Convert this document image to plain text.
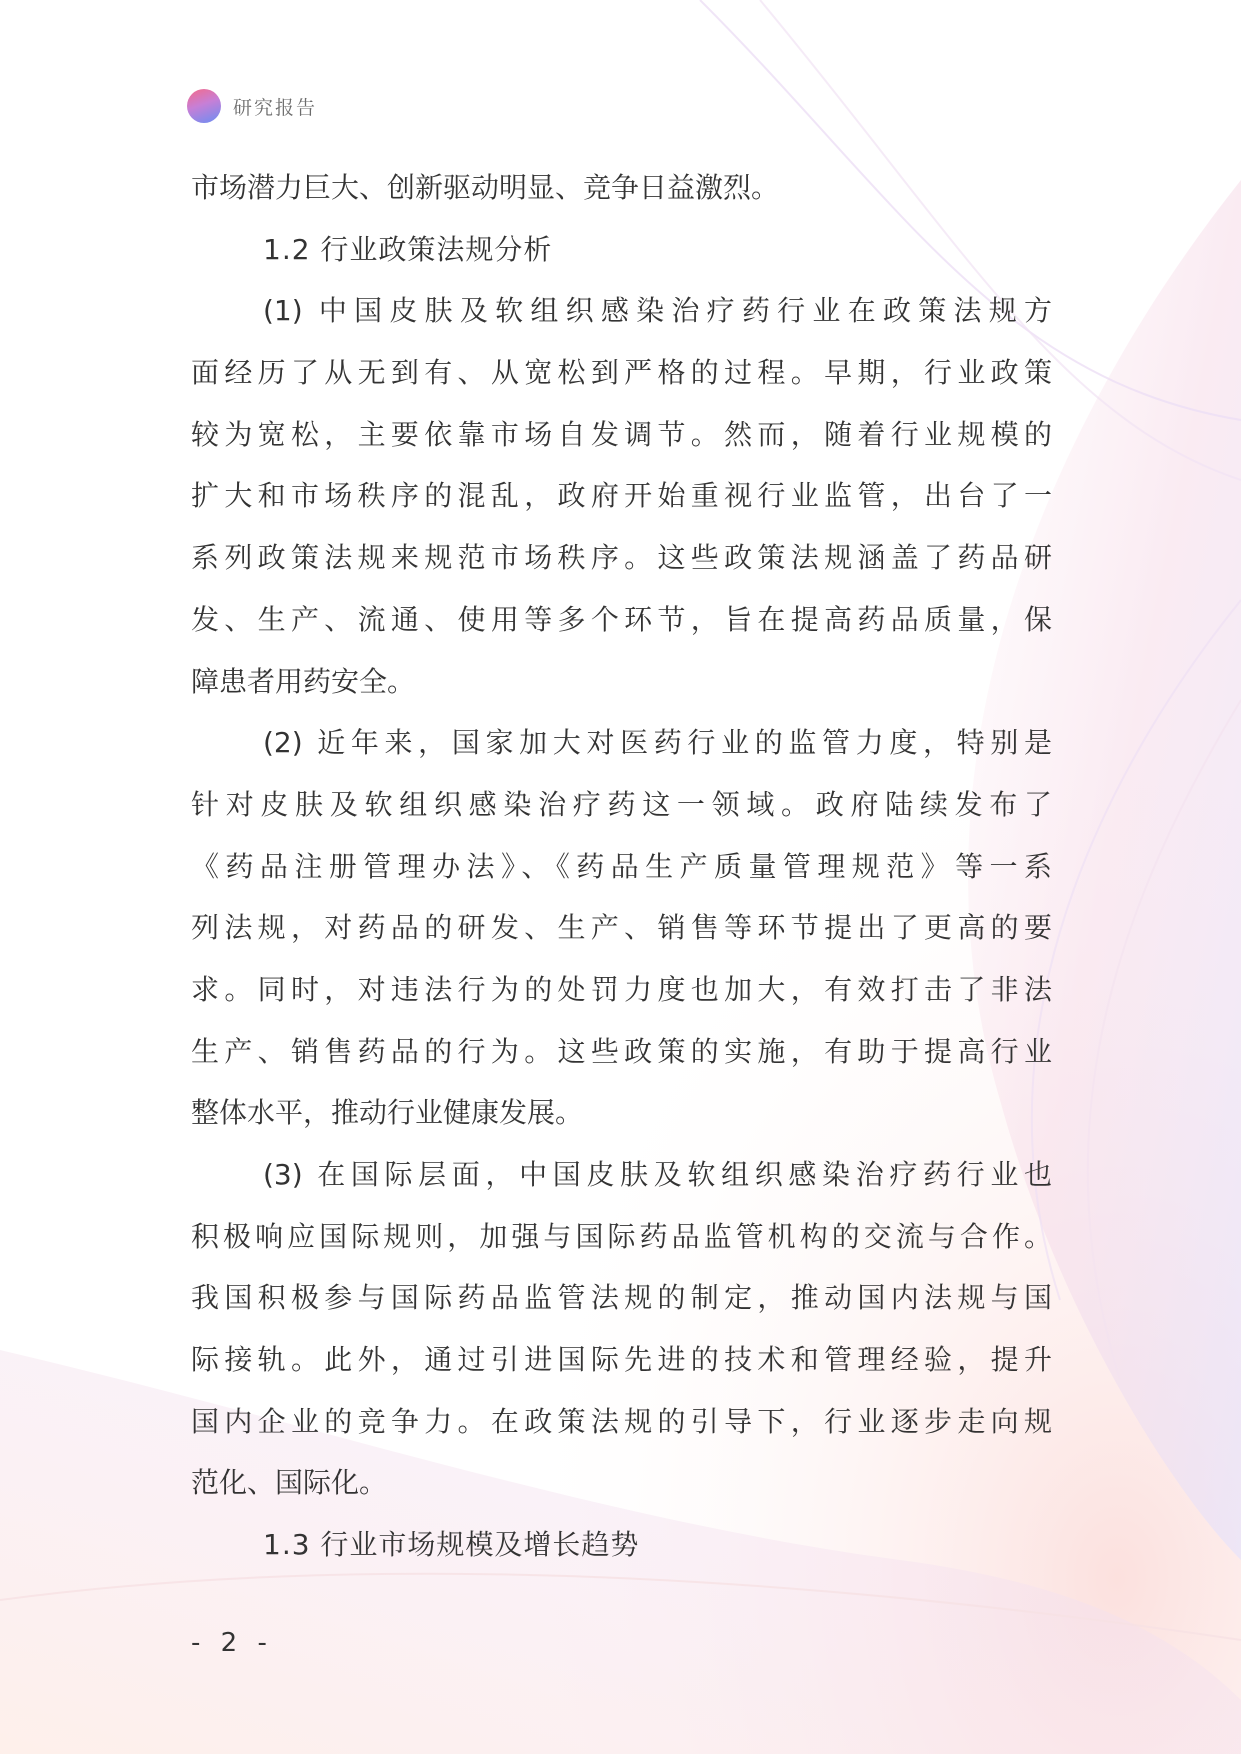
研究报告
市场潜力巨大、创新驱动明显、竞争日益激烈。
1.2 行业政策法规分析
(1) 中国皮肤及软组织感染治疗药行业在政策法规方
面经历了从无到有、从宽松到严格的过程。早期，行业政策
较为宽松，主要依靠市场自发调节。然而，随着行业规模的
扩大和市场秩序的混乱，政府开始重视行业监管，出台了一
系列政策法规来规范市场秩序。这些政策法规涵盖了药品研
发、生产、流通、使用等多个环节，旨在提高药品质量，保
障患者用药安全。
(2) 近年来，国家加大对医药行业的监管力度，特别是
针对皮肤及软组织感染治疗药这一领域。政府陆续发布了
《药品注册管理办法》、《药品生产质量管理规范》等一系
列法规，对药品的研发、生产、销售等环节提出了更高的要
求。同时，对违法行为的处罚力度也加大，有效打击了非法
生产、销售药品的行为。这些政策的实施，有助于提高行业
整体水平，推动行业健康发展。
(3) 在国际层面，中国皮肤及软组织感染治疗药行业也
积极响应国际规则，加强与国际药品监管机构的交流与合作。
我国积极参与国际药品监管法规的制定，推动国内法规与国
际接轨。此外，通过引进国际先进的技术和管理经验，提升
国内企业的竞争力。在政策法规的引导下，行业逐步走向规
范化、国际化。
1.3 行业市场规模及增长趋势
- 2 -
